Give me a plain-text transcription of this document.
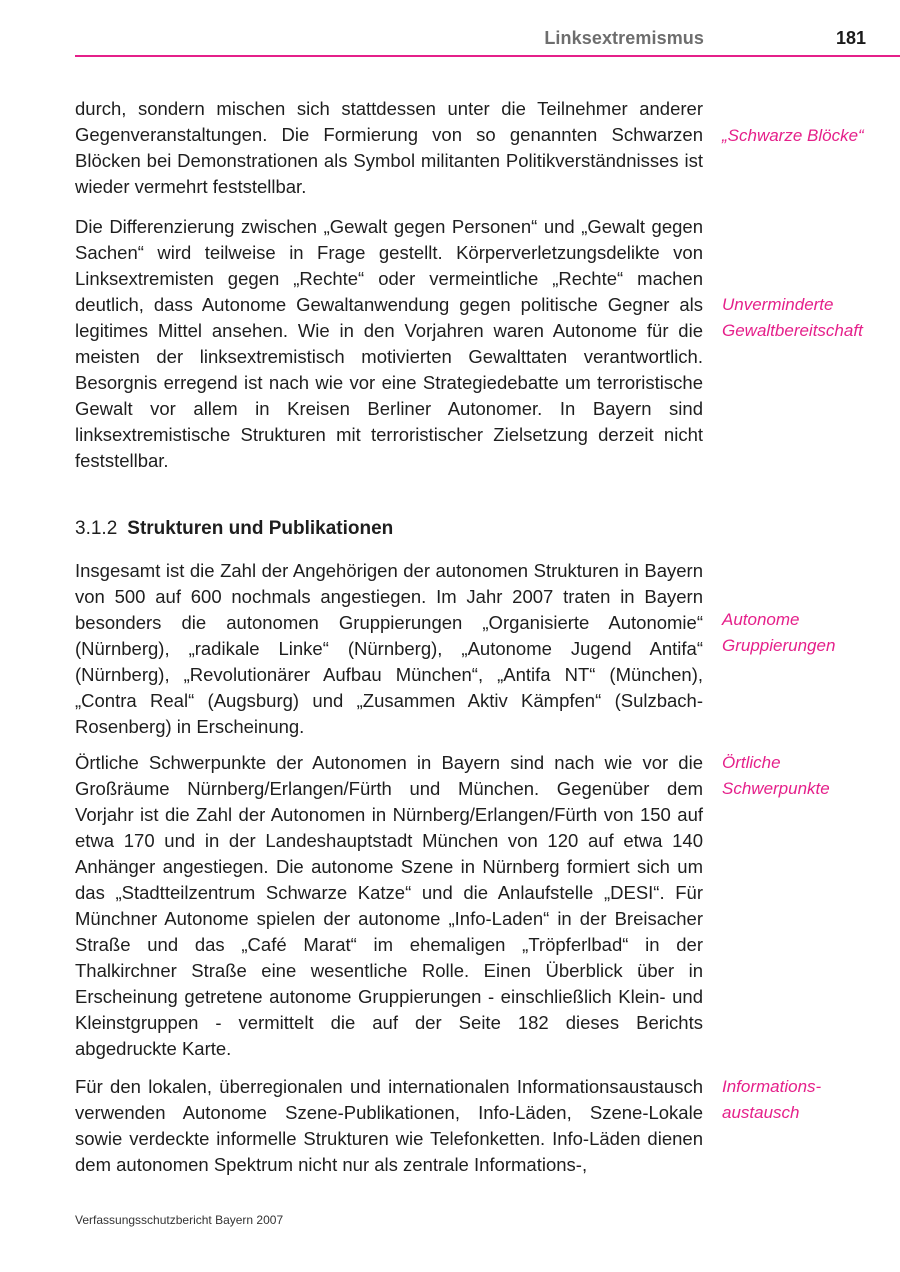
Linksextremismus	181

durch, sondern mischen sich stattdessen unter die Teilnehmer anderer Gegenveranstaltungen. Die Formierung von so genannten Schwarzen Blöcken bei Demonstrationen als Symbol militanten Politikverständnisses ist wieder vermehrt feststellbar.

Die Differenzierung zwischen „Gewalt gegen Personen“ und „Gewalt gegen Sachen“ wird teilweise in Frage gestellt. Körperverletzungsdelikte von Linksextremisten gegen „Rechte“ oder vermeintliche „Rechte“ machen deutlich, dass Autonome Gewaltanwendung gegen politische Gegner als legitimes Mittel ansehen. Wie in den Vorjahren waren Autonome für die meisten der linksextremistisch motivierten Gewalttaten verantwortlich. Besorgnis erregend ist nach wie vor eine Strategiedebatte um terroristische Gewalt vor allem in Kreisen Berliner Autonomer. In Bayern sind linksextremistische Strukturen mit terroristischer Zielsetzung derzeit nicht feststellbar.

3.1.2 Strukturen und Publikationen

Insgesamt ist die Zahl der Angehörigen der autonomen Strukturen in Bayern von 500 auf 600 nochmals angestiegen. Im Jahr 2007 traten in Bayern besonders die autonomen Gruppierungen „Organisierte Autonomie“ (Nürnberg), „radikale Linke“ (Nürnberg), „Autonome Jugend Antifa“ (Nürnberg), „Revolutionärer Aufbau München“, „Antifa NT“ (München), „Contra Real“ (Augsburg) und „Zusammen Aktiv Kämpfen“ (Sulzbach-Rosenberg) in Erscheinung.

Örtliche Schwerpunkte der Autonomen in Bayern sind nach wie vor die Großräume Nürnberg/Erlangen/Fürth und München. Gegenüber dem Vorjahr ist die Zahl der Autonomen in Nürnberg/Erlangen/Fürth von 150 auf etwa 170 und in der Landeshauptstadt München von 120 auf etwa 140 Anhänger angestiegen. Die autonome Szene in Nürnberg formiert sich um das „Stadtteilzentrum Schwarze Katze“ und die Anlaufstelle „DESI“. Für Münchner Autonome spielen der autonome „Info-Laden“ in der Breisacher Straße und das „Café Marat“ im ehemaligen „Tröpferlbad“ in der Thalkirchner Straße eine wesentliche Rolle. Einen Überblick über in Erscheinung getretene autonome Gruppierungen - einschließlich Klein- und Kleinstgruppen - vermittelt die auf der Seite 182 dieses Berichts abgedruckte Karte.

Für den lokalen, überregionalen und internationalen Informationsaustausch verwenden Autonome Szene-Publikationen, Info-Läden, Szene-Lokale sowie verdeckte informelle Strukturen wie Telefonketten. Info-Läden dienen dem autonomen Spektrum nicht nur als zentrale Informations-,

„Schwarze Blöcke“
Unverminderte
Gewaltbereitschaft
Autonome
Gruppierungen
Örtliche
Schwerpunkte
Informations-
austausch
Verfassungsschutzbericht Bayern 2007
